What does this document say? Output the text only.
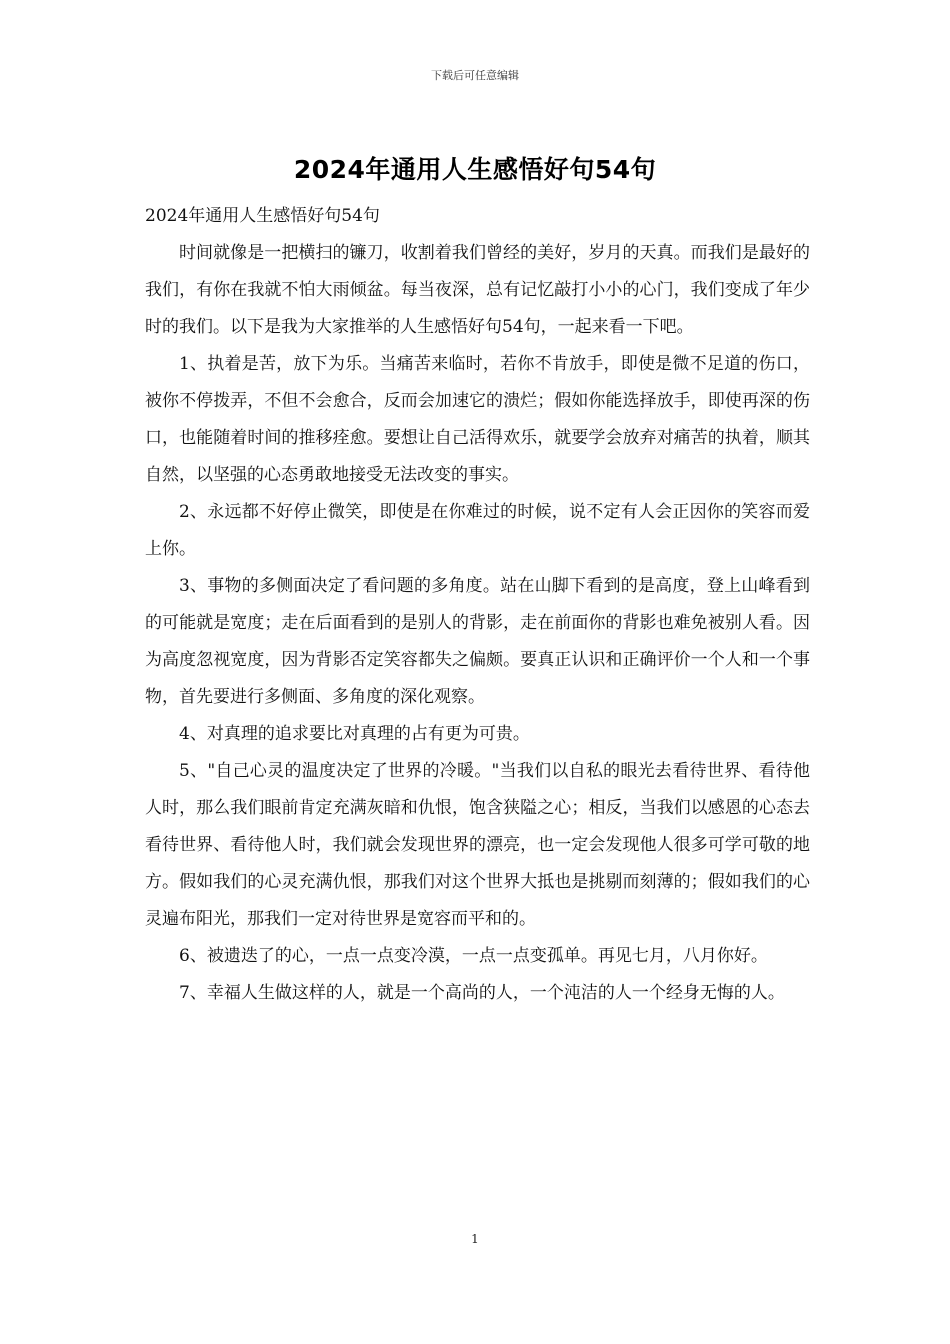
下载后可任意编辑
2024年通用人生感悟好句54句

2024年通用人生感悟好句54句

时间就像是一把横扫的镰刀，收割着我们曾经的美好，岁月的天真。而我们是最好的我们，有你在我就不怕大雨倾盆。每当夜深，总有记忆敲打小小的心门，我们变成了年少时的我们。以下是我为大家推举的人生感悟好句54句，一起来看一下吧。

1、执着是苦，放下为乐。当痛苦来临时，若你不肯放手，即使是微不足道的伤口，被你不停拨弄，不但不会愈合，反而会加速它的溃烂；假如你能选择放手，即使再深的伤口，也能随着时间的推移痊愈。要想让自己活得欢乐，就要学会放弃对痛苦的执着，顺其自然，以坚强的心态勇敢地接受无法改变的事实。

2、永远都不好停止微笑，即使是在你难过的时候，说不定有人会正因你的笑容而爱上你。

3、事物的多侧面决定了看问题的多角度。站在山脚下看到的是高度，登上山峰看到的可能就是宽度；走在后面看到的是别人的背影，走在前面你的背影也难免被别人看。因为高度忽视宽度，因为背影否定笑容都失之偏颇。要真正认识和正确评价一个人和一个事物，首先要进行多侧面、多角度的深化观察。

4、对真理的追求要比对真理的占有更为可贵。

5、"自己心灵的温度决定了世界的冷暖。"当我们以自私的眼光去看待世界、看待他人时，那么我们眼前肯定充满灰暗和仇恨，饱含狭隘之心；相反，当我们以感恩的心态去看待世界、看待他人时，我们就会发现世界的漂亮，也一定会发现他人很多可学可敬的地方。假如我们的心灵充满仇恨，那我们对这个世界大抵也是挑剔而刻薄的；假如我们的心灵遍布阳光，那我们一定对待世界是宽容而平和的。

6、被遗迭了的心，一点一点变冷漠，一点一点变孤单。再见七月，八月你好。

7、幸福人生做这样的人，就是一个高尚的人，一个沌洁的人一个经身无悔的人。

1
